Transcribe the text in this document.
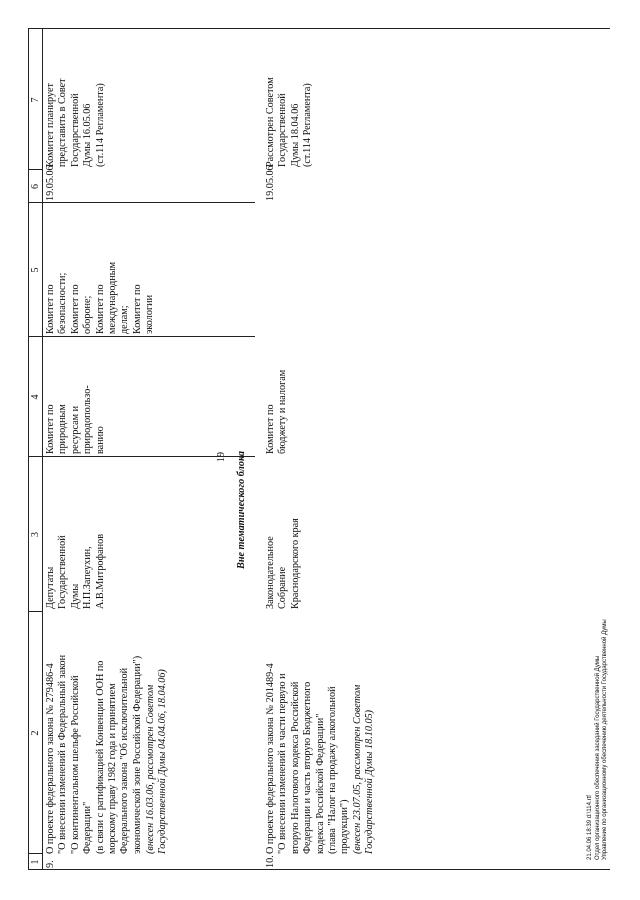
19
1
2
3
4
5
6
7
9.
О проекте федерального закона № 279486-4 "О внесении изменений в Федеральный закон "О континентальном шельфе Российской Федерации" (в связи с ратификацией Конвенции ООН по морскому праву 1982 года и принятием Федерального закона "Об исключительной экономической зоне Российской Федерации") (внесен 16.03.06, рассмотрен Советом Государственной Думы 04.04.06, 18.04.06)
Депутаты Государственной Думы Н.П.Запеухин, А.В.Митрофанов
Комитет по природным ресурсам и природопользо- ванию
Комитет по безопасности; Комитет по обороне; Комитет по международным делам; Комитет по экологии
19.05.06
Комитет планирует представить в Совет Государственной Думы 16.05.06 (ст.114 Регламента)
Вне тематического блока
10.
О проекте федерального закона № 201489-4 "О внесении изменений в части первую и вторую Налогового кодекса Российской Федерации и часть вторую Бюджетного кодекса Российской Федерации" (глава "Налог на продажу алкогольной продукции") (внесен 23.07.05, рассмотрен Советом Государственной Думы 18.10.05)
Законодательное Собрание Краснодарского края
Комитет по бюджету и налогам
19.05.06
Рассмотрен Советом Государственной Думы 18.04.06 (ст.114 Регламента)
21.04.06 18:39 d:\114.rtf Отдел организационного обеспечения заседаний Государственной Думы Управление по организационному обеспечению деятельности Государственной Думы
